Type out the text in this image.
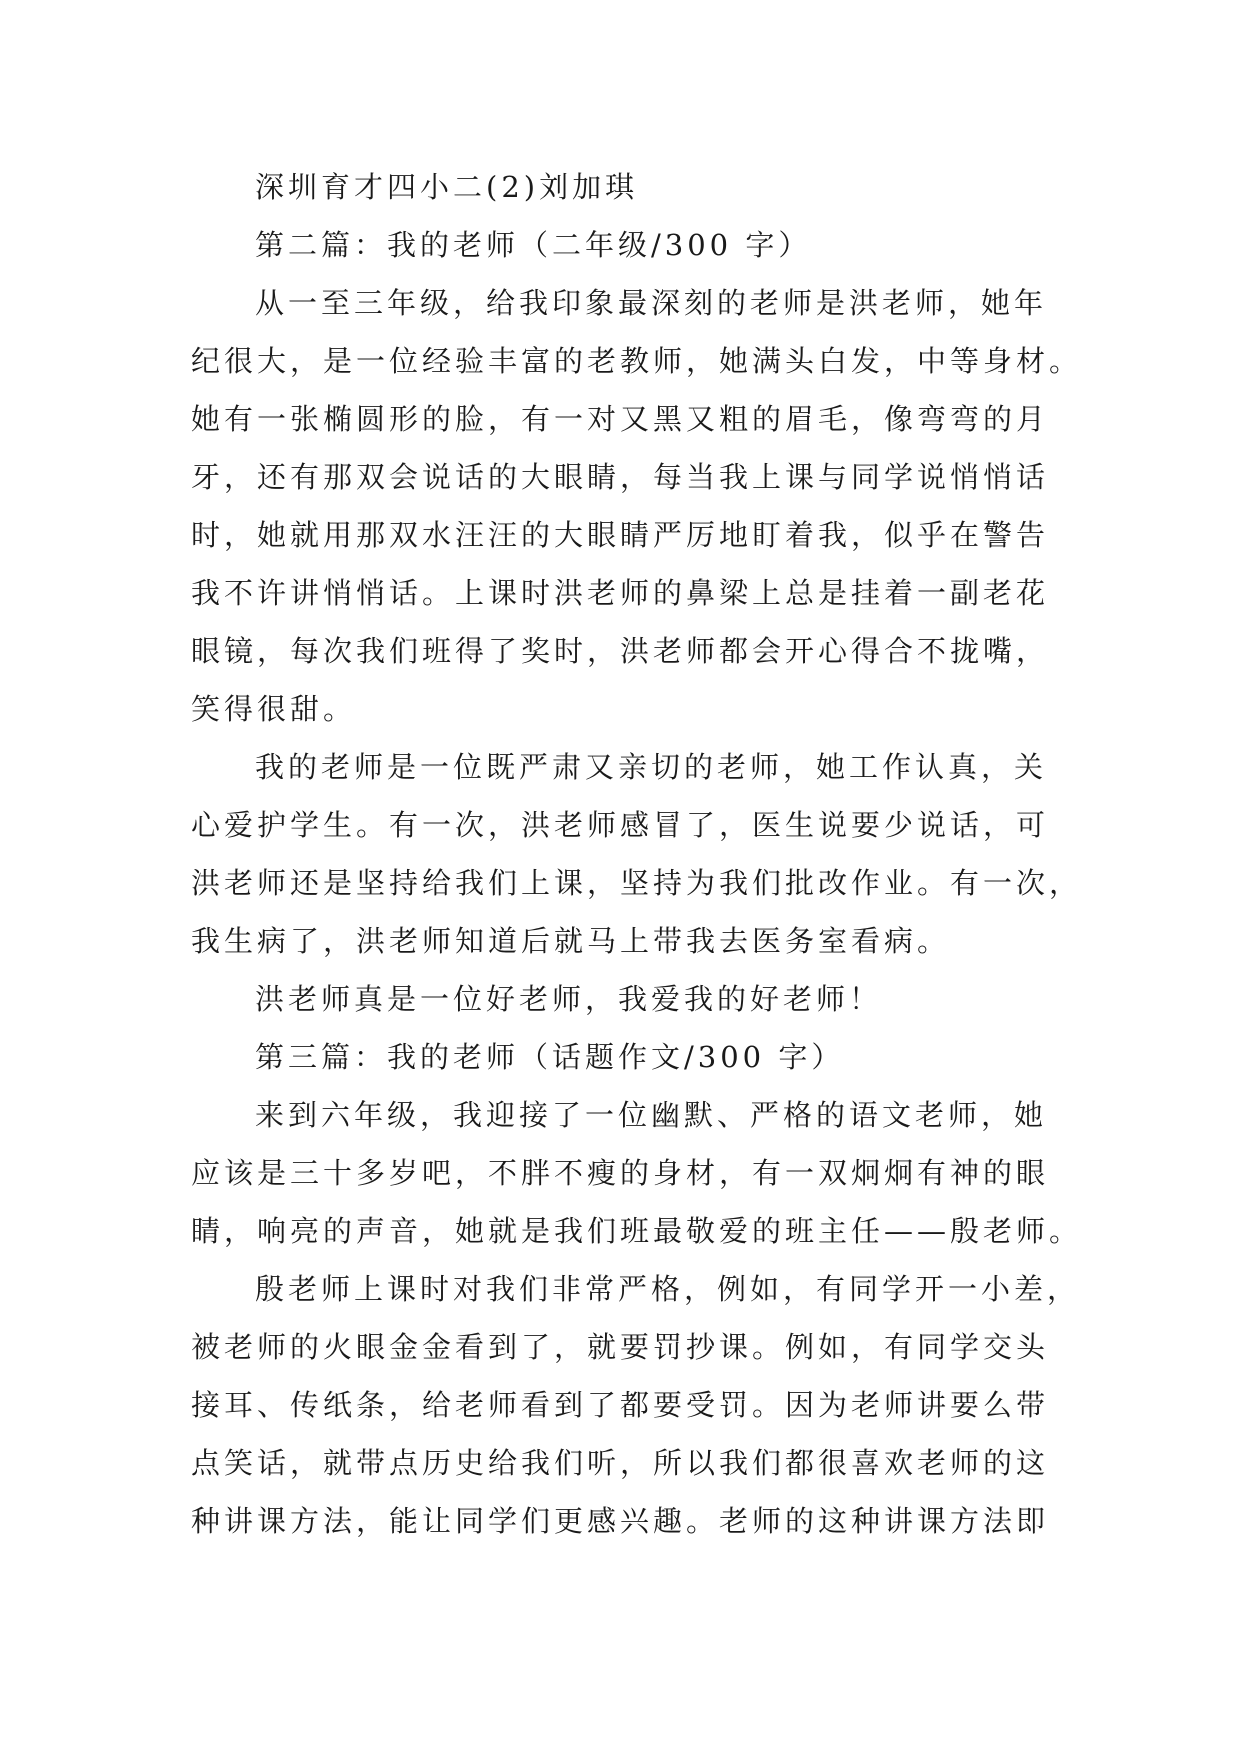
深圳育才四小二(2)刘加琪
第二篇：我的老师（二年级/300 字）
从一至三年级，给我印象最深刻的老师是洪老师，她年
纪很大，是一位经验丰富的老教师，她满头白发，中等身材。
她有一张椭圆形的脸，有一对又黑又粗的眉毛，像弯弯的月
牙，还有那双会说话的大眼睛，每当我上课与同学说悄悄话
时，她就用那双水汪汪的大眼睛严厉地盯着我，似乎在警告
我不许讲悄悄话。上课时洪老师的鼻梁上总是挂着一副老花
眼镜，每次我们班得了奖时，洪老师都会开心得合不拢嘴，
笑得很甜。
我的老师是一位既严肃又亲切的老师，她工作认真，关
心爱护学生。有一次，洪老师感冒了，医生说要少说话，可
洪老师还是坚持给我们上课，坚持为我们批改作业。有一次，
我生病了，洪老师知道后就马上带我去医务室看病。
洪老师真是一位好老师，我爱我的好老师！
第三篇：我的老师（话题作文/300 字）
来到六年级，我迎接了一位幽默、严格的语文老师，她
应该是三十多岁吧，不胖不瘦的身材，有一双炯炯有神的眼
睛，响亮的声音，她就是我们班最敬爱的班主任——殷老师。
殷老师上课时对我们非常严格，例如，有同学开一小差，
被老师的火眼金金看到了，就要罚抄课。例如，有同学交头
接耳、传纸条，给老师看到了都要受罚。因为老师讲要么带
点笑话，就带点历史给我们听，所以我们都很喜欢老师的这
种讲课方法，能让同学们更感兴趣。老师的这种讲课方法即
